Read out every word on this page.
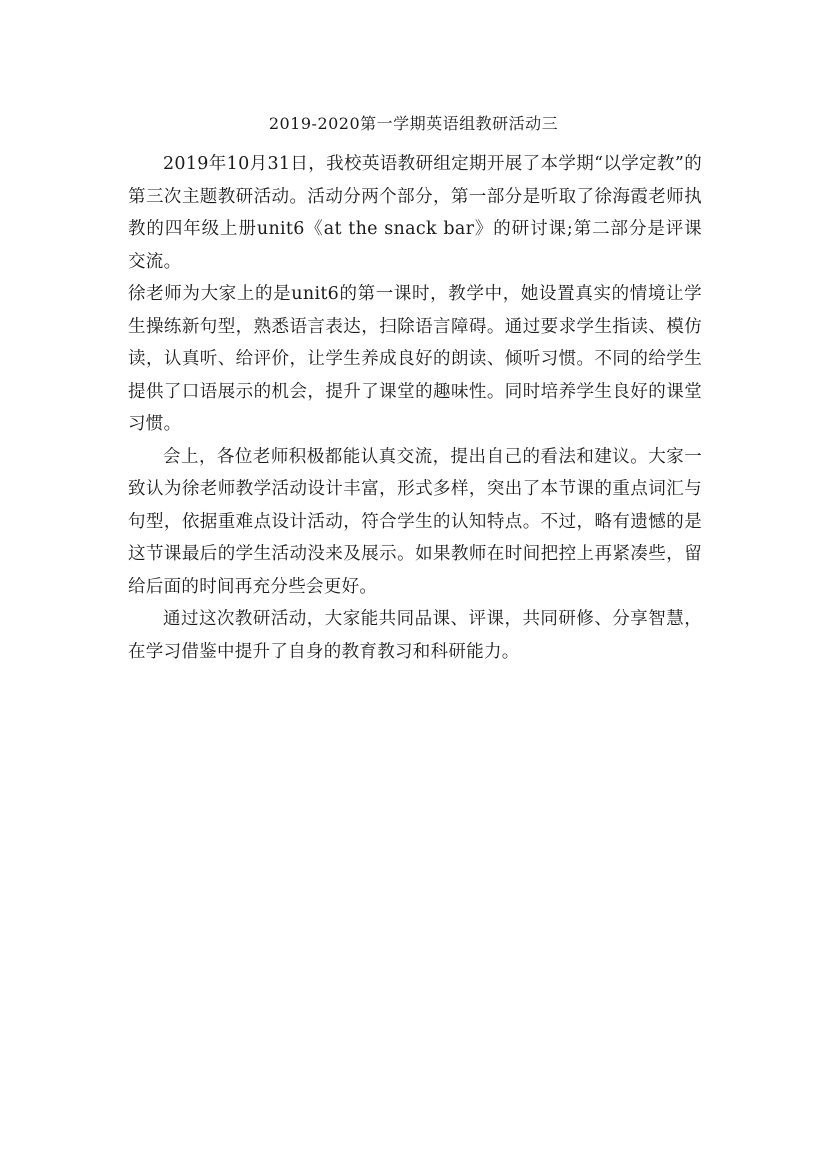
2019-2020第一学期英语组教研活动三

2019年10月31日，我校英语教研组定期开展了本学期“以学定教”的第三次主题教研活动。活动分两个部分，第一部分是听取了徐海霞老师执教的四年级上册unit6《at the snack bar》的研讨课;第二部分是评课交流。

徐老师为大家上的是unit6的第一课时，教学中，她设置真实的情境让学生操练新句型，熟悉语言表达，扫除语言障碍。通过要求学生指读、模仿读，认真听、给评价，让学生养成良好的朗读、倾听习惯。不同的给学生提供了口语展示的机会，提升了课堂的趣味性。同时培养学生良好的课堂习惯。

会上，各位老师积极都能认真交流，提出自己的看法和建议。大家一致认为徐老师教学活动设计丰富，形式多样，突出了本节课的重点词汇与句型，依据重难点设计活动，符合学生的认知特点。不过，略有遗憾的是这节课最后的学生活动没来及展示。如果教师在时间把控上再紧凑些，留给后面的时间再充分些会更好。

通过这次教研活动，大家能共同品课、评课，共同研修、分享智慧，在学习借鉴中提升了自身的教育教习和科研能力。
